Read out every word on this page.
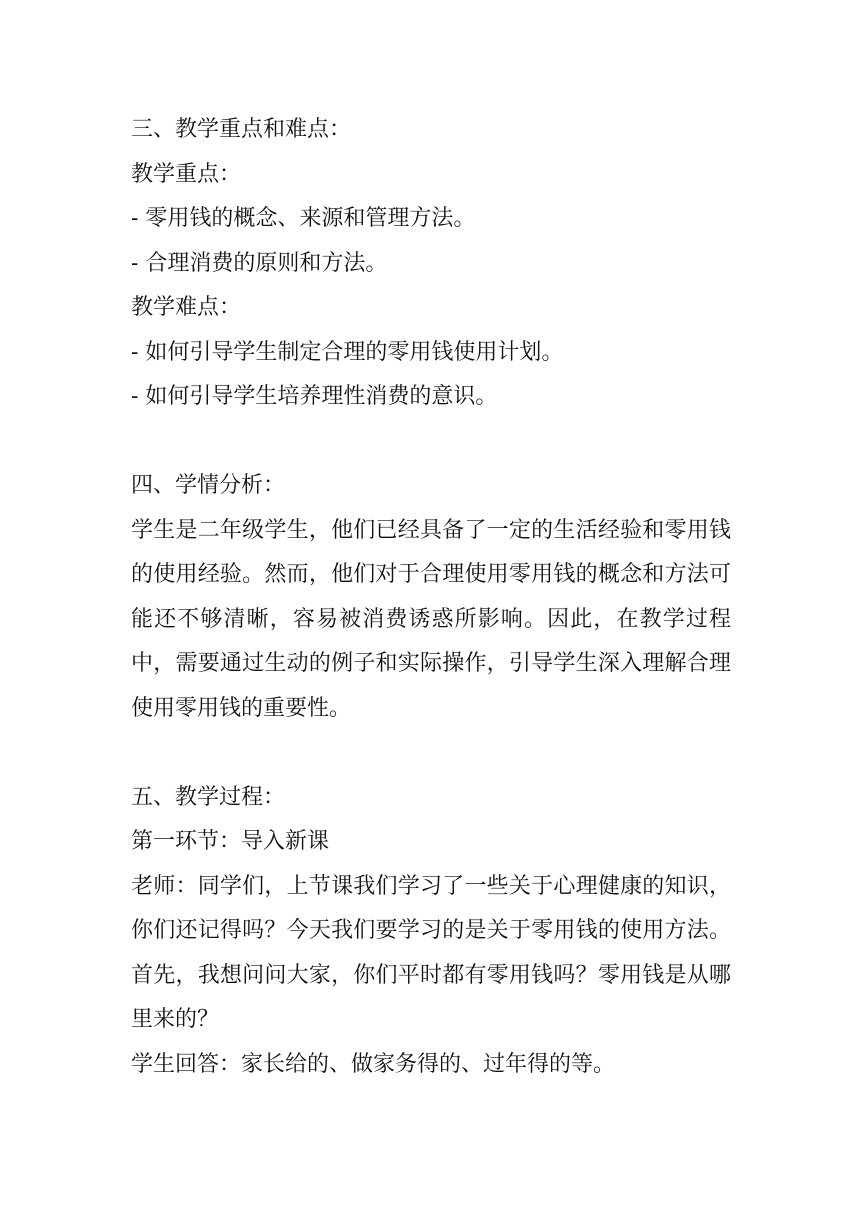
三、教学重点和难点：

教学重点：

- 零用钱的概念、来源和管理方法。

- 合理消费的原则和方法。

教学难点：

- 如何引导学生制定合理的零用钱使用计划。

- 如何引导学生培养理性消费的意识。

四、学情分析：

学生是二年级学生，他们已经具备了一定的生活经验和零用钱的使用经验。然而，他们对于合理使用零用钱的概念和方法可能还不够清晰，容易被消费诱惑所影响。因此，在教学过程中，需要通过生动的例子和实际操作，引导学生深入理解合理使用零用钱的重要性。

五、教学过程：

第一环节：导入新课

老师：同学们，上节课我们学习了一些关于心理健康的知识，你们还记得吗？今天我们要学习的是关于零用钱的使用方法。首先，我想问问大家，你们平时都有零用钱吗？零用钱是从哪里来的？

学生回答：家长给的、做家务得的、过年得的等。
